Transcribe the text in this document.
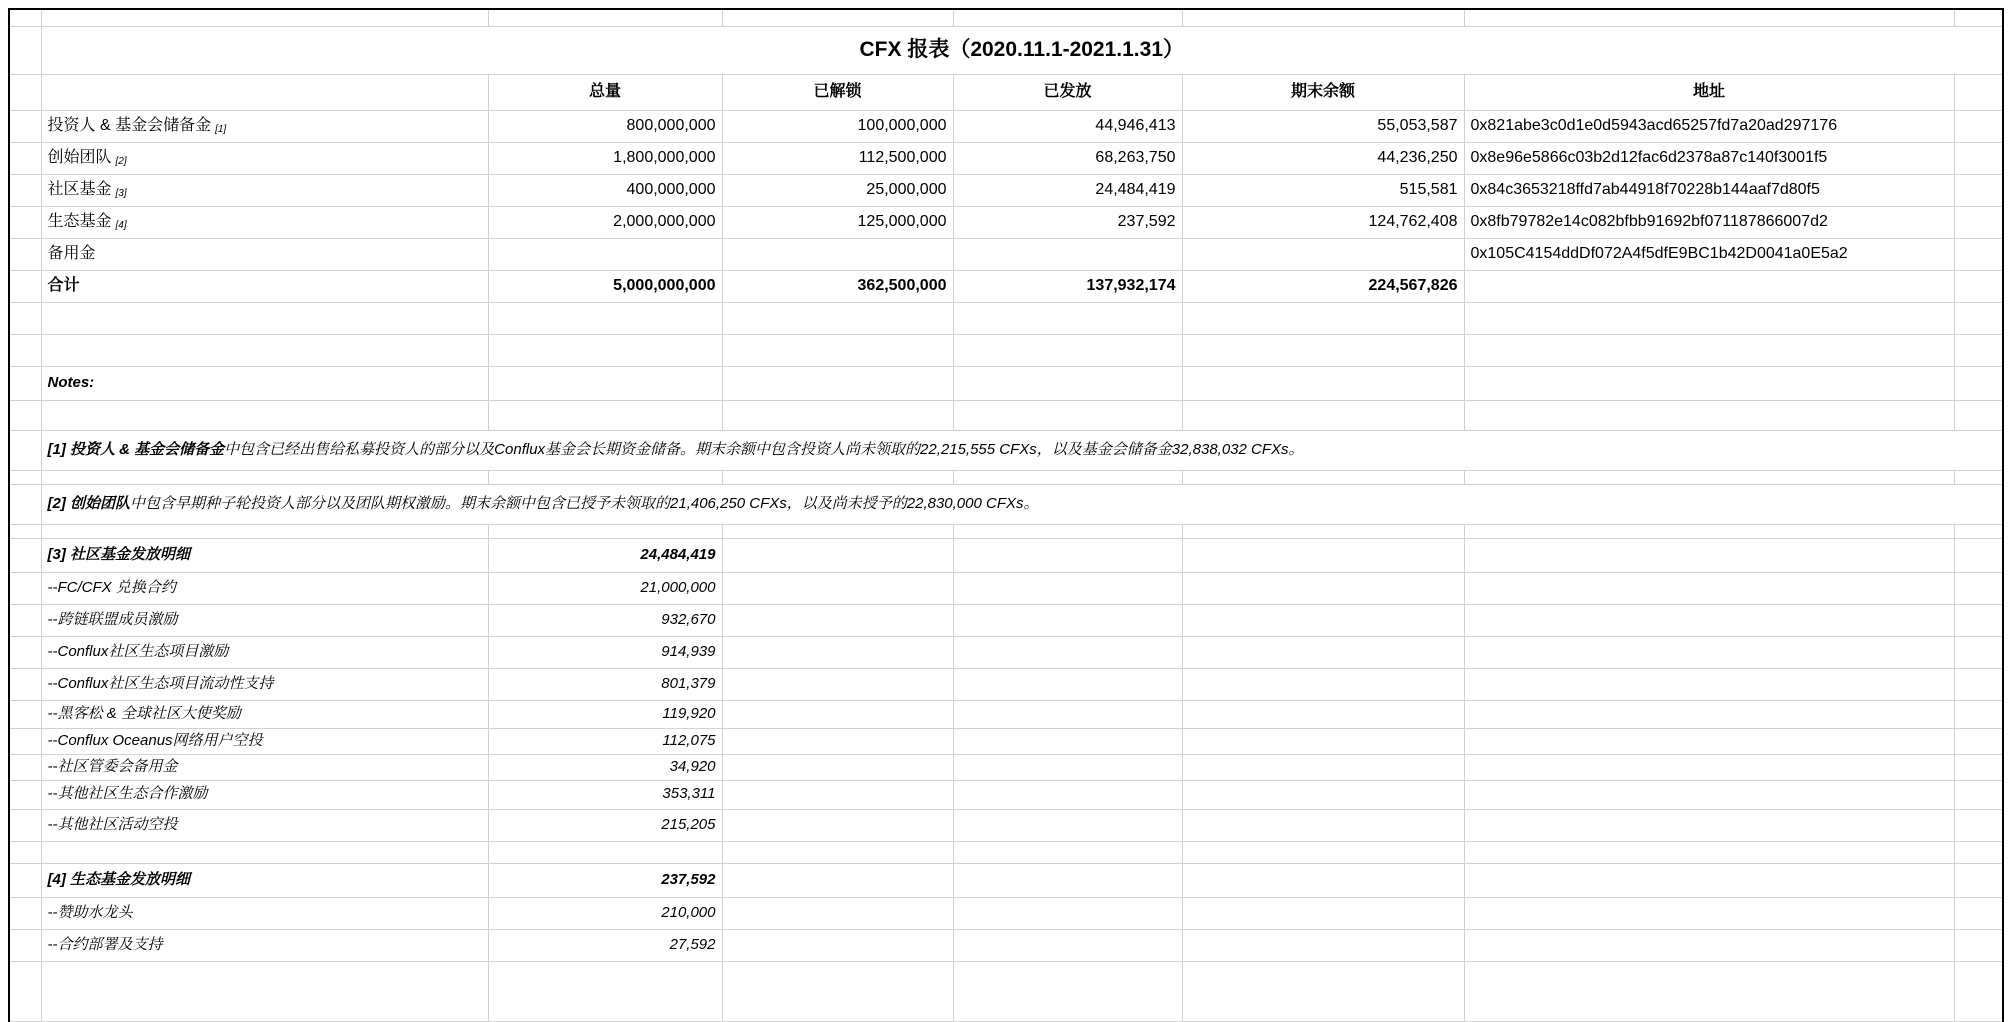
	CFX 报表（2020.11.1-2021.1.31）						
		总量	已解锁	已发放	期末余额	地址	
	投资人 & 基金会储备金 [1]	800,000,000	100,000,000	44,946,413	55,053,587	0x821abe3c0d1e0d5943acd65257fd7a20ad297176	
	创始团队 [2]	1,800,000,000	112,500,000	68,263,750	44,236,250	0x8e96e5866c03b2d12fac6d2378a87c140f3001f5	
	社区基金 [3]	400,000,000	25,000,000	24,484,419	515,581	0x84c3653218ffd7ab44918f70228b144aaf7d80f5	
	生态基金 [4]	2,000,000,000	125,000,000	237,592	124,762,408	0x8fb79782e14c082bfbb91692bf071187866007d2	
	备用金					0x105C4154ddDf072A4f5dfE9BC1b42D0041a0E5a2	
	合计	5,000,000,000	362,500,000	137,932,174	224,567,826		

	Notes:						

	[1] 投资人 & 基金会储备金中包含已经出售给私募投资人的部分以及Conflux基金会长期资金储备。期末余额中包含投资人尚未领取的22,215,555 CFXs，以及基金会储备金32,838,032 CFXs。						

	[2] 创始团队中包含早期种子轮投资人部分以及团队期权激励。期末余额中包含已授予未领取的21,406,250 CFXs，以及尚未授予的22,830,000 CFXs。						

	[3] 社区基金发放明细	24,484,419					
	--FC/CFX 兑换合约	21,000,000					
	--跨链联盟成员激励	932,670					
	--Conflux社区生态项目激励	914,939					
	--Conflux社区生态项目流动性支持	801,379					
	--黑客松 & 全球社区大使奖励	119,920					
	--Conflux Oceanus网络用户空投	112,075					
	--社区管委会备用金	34,920					
	--其他社区生态合作激励	353,311					
	--其他社区活动空投	215,205					

	[4] 生态基金发放明细	237,592					
	--赞助水龙头	210,000					
	--合约部署及支持	27,592					
